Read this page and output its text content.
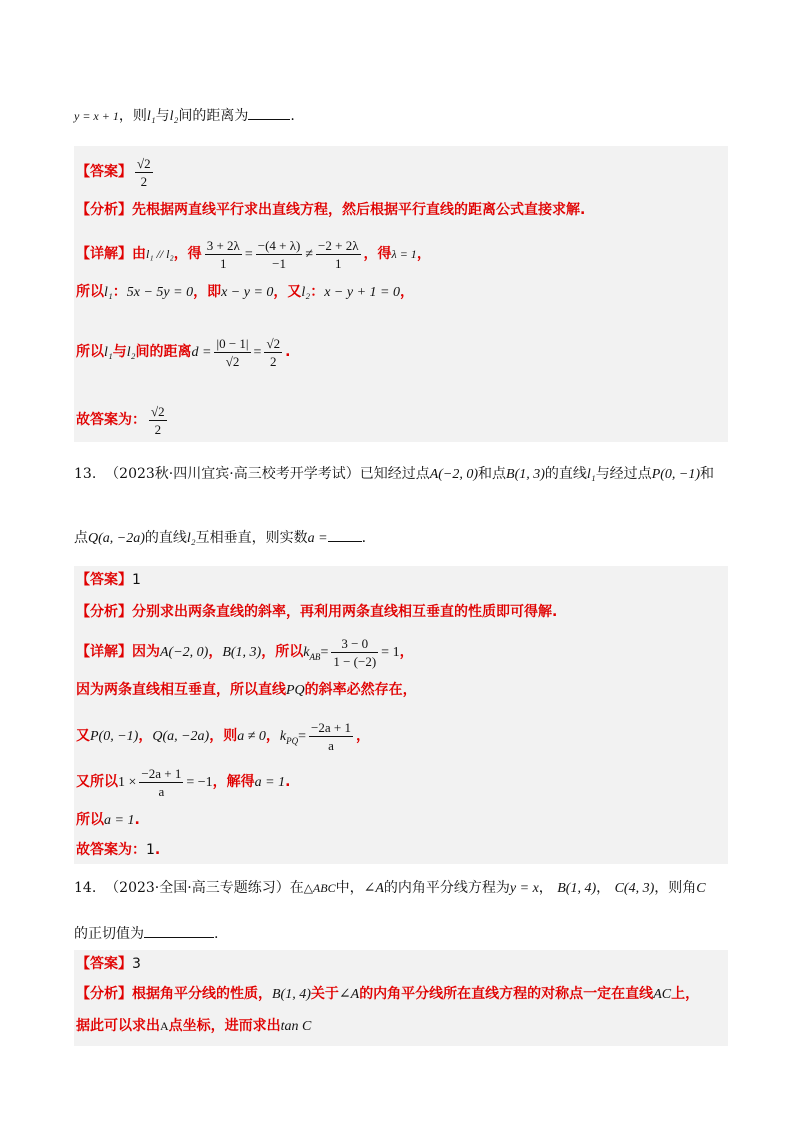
y = x + 1，则l₁与l₂间的距离为	.
【答案】 $\frac{√2}{2}$
【分析】先根据两直线平行求出直线方程，然后根据平行直线的距离公式直接求解.
【详解】由l₁ // l₂，得 $\frac{3 + 2\lambda}{1} = \frac{-(4 + \lambda)}{-1} \ne \frac{-2 + 2\lambda}{1}$ ，得λ = 1，
所以l₁：5x − 5y = 0，即x − y = 0，又l₂：x − y + 1 = 0，
所以l₁与l₂间的距离$d = \frac{|0 - 1|}{√2} = \frac{√2}{2}$ .
故答案为： $\frac{√2}{2}$
13. （2023秋·四川宜宾·高三校考开学考试）已知经过点A(−2, 0)和点B(1, 3)的直线l₁与经过点P(0, −1)和
点Q(a, −2a)的直线l₂互相垂直，则实数a = .
【答案】1
【分析】分别求出两条直线的斜率，再利用两条直线相互垂直的性质即可得解.
【详解】因为A(−2, 0)，B(1, 3)，所以$k_{AB}= \frac{3 - 0}{1 - (-2)} = 1$，
因为两条直线相互垂直，所以直线PQ的斜率必然存在，
又P(0, −1)，Q(a, −2a)，则a ≠ 0，$k_{PQ}= \frac{-2a + 1}{a}$ ，
又所以$1 \times \frac{-2a + 1}{a} = -1$，解得a = 1.
所以a = 1.
故答案为：1.
14. （2023·全国·高三专题练习）在△ABC中，∠A的内角平分线方程为y = x， B(1, 4)， C(4, 3)，则角C
的正切值为	.
【答案】3
【分析】根据角平分线的性质，B(1, 4)关于∠A的内角平分线所在直线方程的对称点一定在直线AC上，
据此可以求出A点坐标，进而求出tan C
